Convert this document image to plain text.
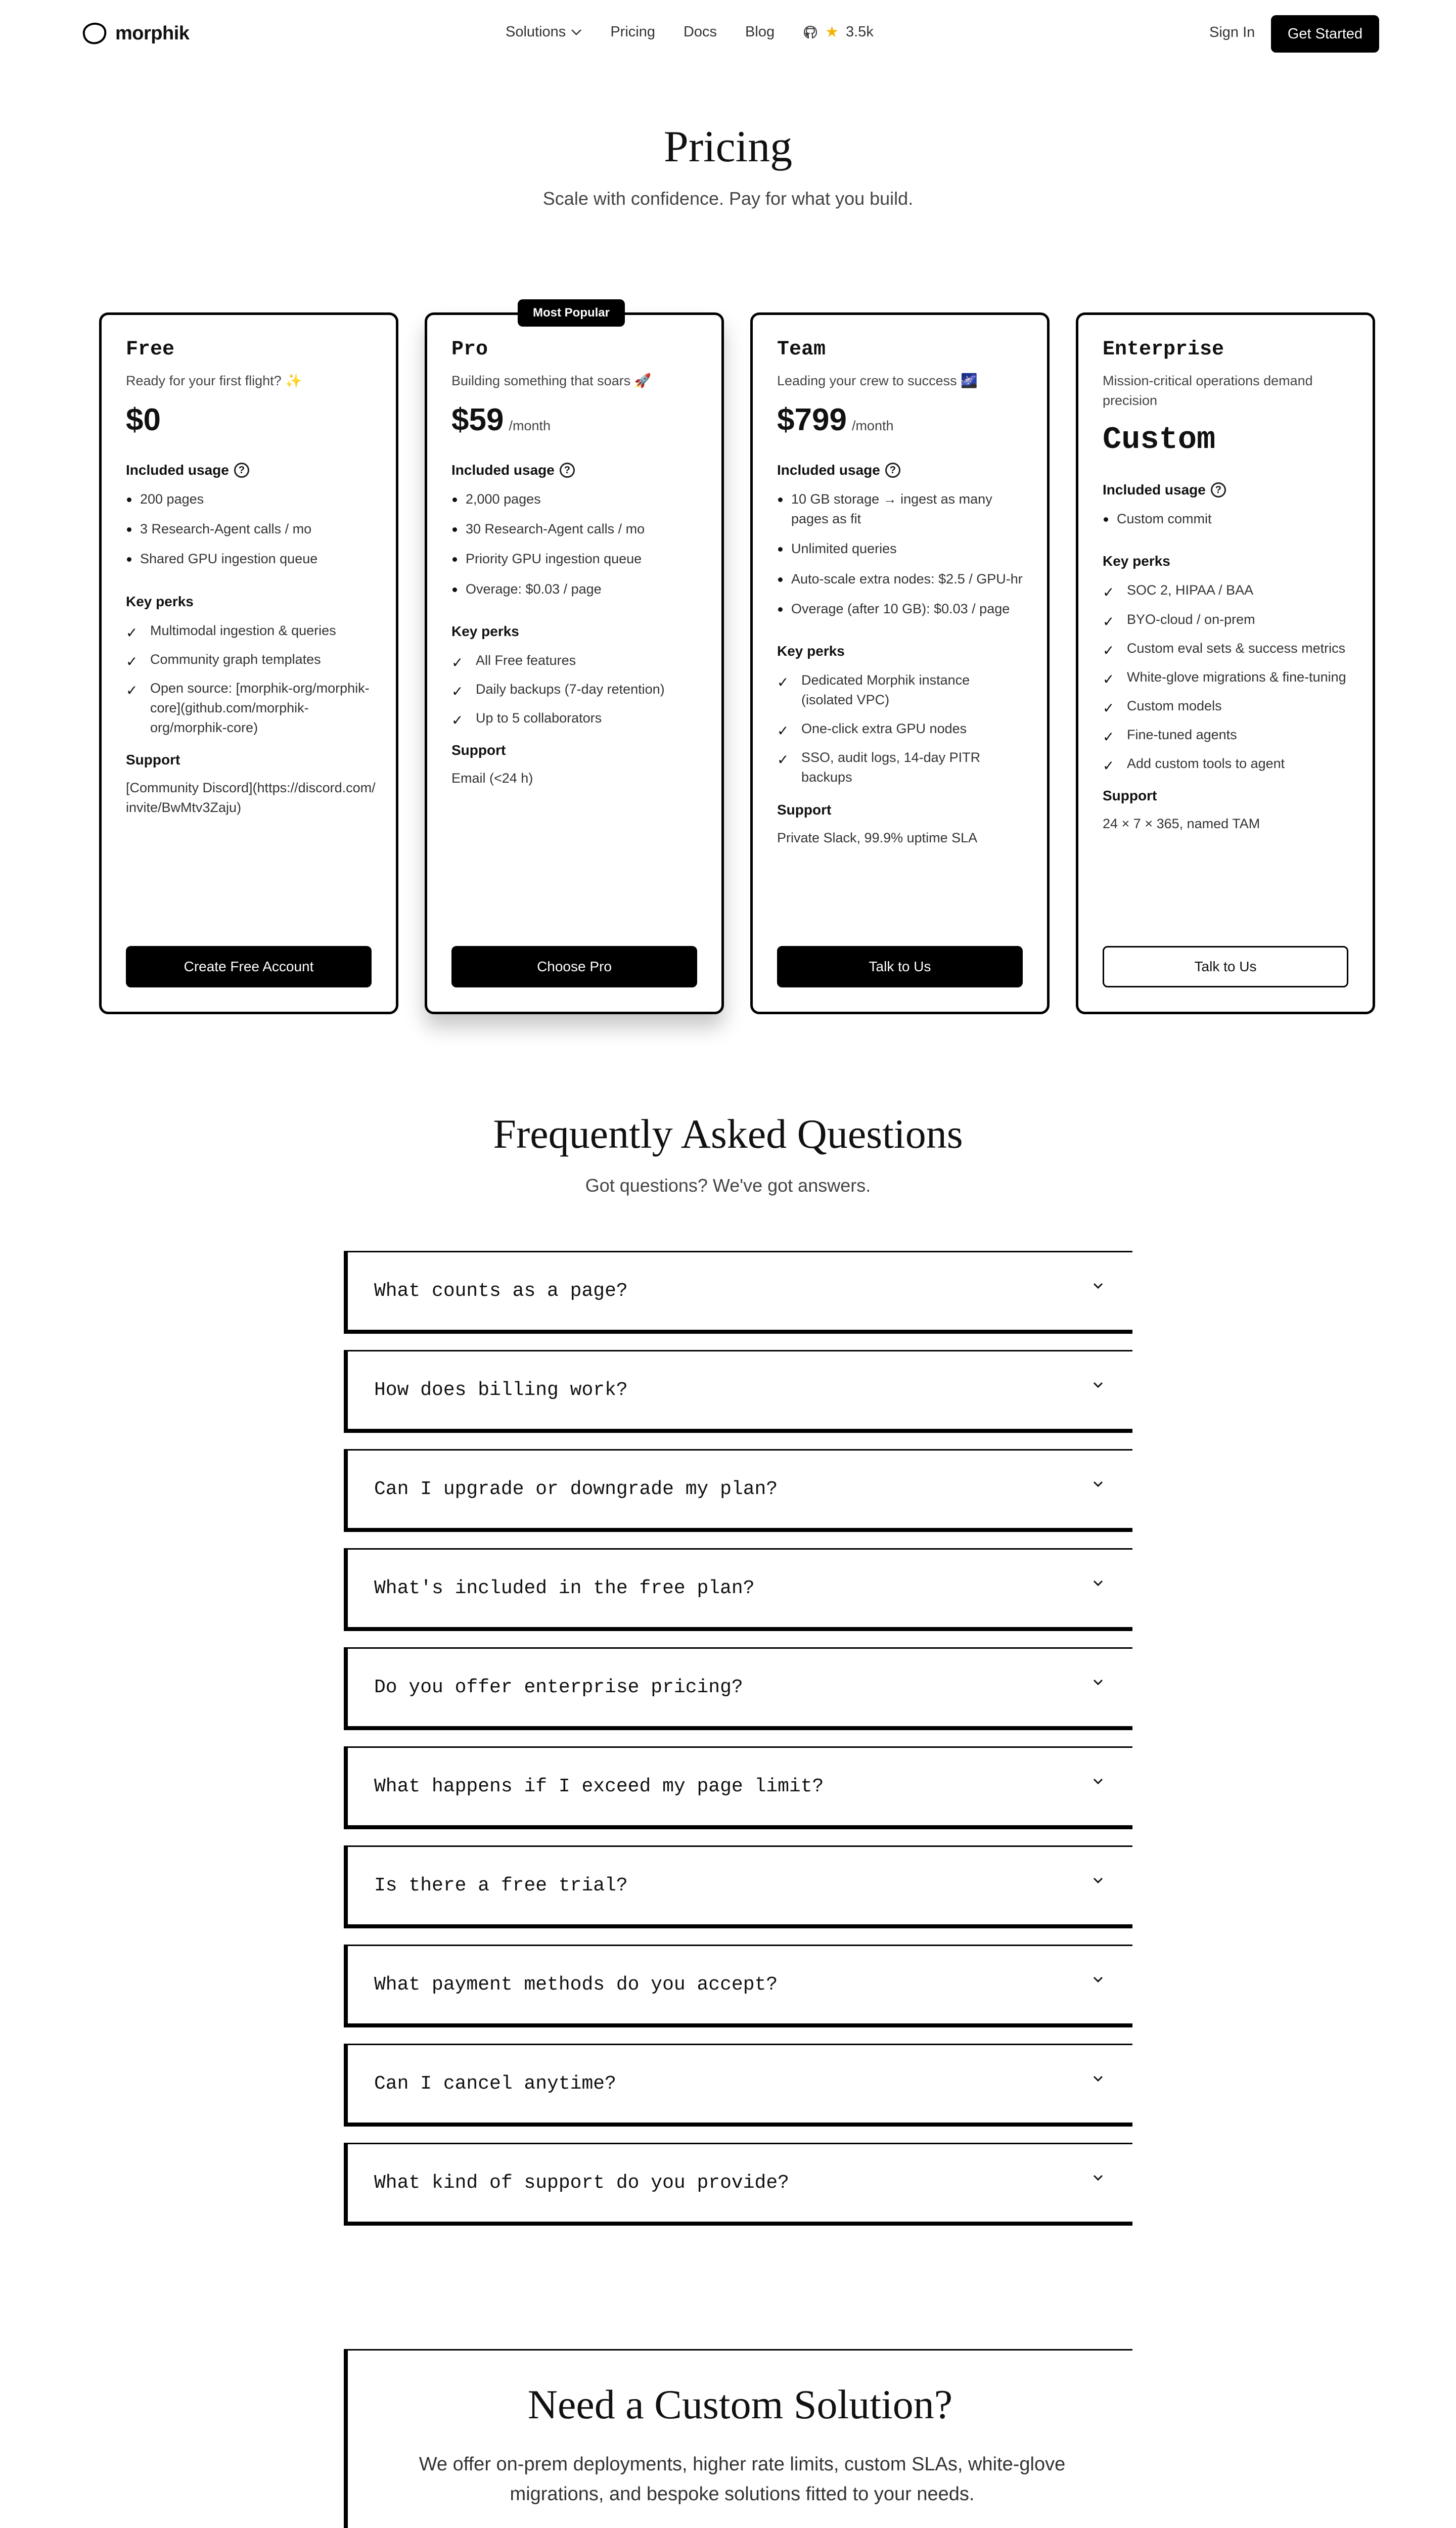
morphik	Solutions	Pricing Docs Blog	★ 3.5k	Sign In	Get Started
Pricing
Scale with confidence. Pay for what you build.
Most Popular
Free
Ready for your first flight? ✨
$0
Included usage ?
200 pages
3 Research-Agent calls / mo
Shared GPU ingestion queue
Key perks
✓ Multimodal ingestion & queries
✓ Community graph templates
✓ Open source: [morphik-org/morphik-core](github.com/morphik-org/morphik-core)
Support
[Community Discord](https://discord.com/invite/BwMtv3Zaju)
Create Free Account
Pro
Building something that soars 🚀
$59 /month
Included usage ?
2,000 pages
30 Research-Agent calls / mo
Priority GPU ingestion queue
Overage: $0.03 / page
Key perks
✓ All Free features
✓ Daily backups (7-day retention)
✓ Up to 5 collaborators
Support
Email (<24 h)
Choose Pro
Team
Leading your crew to success 🌌
$799 /month
Included usage ?
10 GB storage → ingest as many pages as fit
Unlimited queries
Auto-scale extra nodes: $2.5 / GPU-hr
Overage (after 10 GB): $0.03 / page
Key perks
✓ Dedicated Morphik instance (isolated VPC)
✓ One-click extra GPU nodes
✓ SSO, audit logs, 14-day PITR backups
Support
Private Slack, 99.9% uptime SLA
Talk to Us
Enterprise
Mission-critical operations demand precision
Custom
Included usage ?
Custom commit
Key perks
✓ SOC 2, HIPAA / BAA
✓ BYO-cloud / on-prem
✓ Custom eval sets & success metrics
✓ White-glove migrations & fine-tuning
✓ Custom models
✓ Fine-tuned agents
✓ Add custom tools to agent
Support
24 × 7 × 365, named TAM
Talk to Us
Frequently Asked Questions
Got questions? We've got answers.
What counts as a page?
How does billing work?
Can I upgrade or downgrade my plan?
What's included in the free plan?
Do you offer enterprise pricing?
What happens if I exceed my page limit?
Is there a free trial?
What payment methods do you accept?
Can I cancel anytime?
What kind of support do you provide?
Need a Custom Solution?
We offer on-prem deployments, higher rate limits, custom SLAs, white-glove migrations, and bespoke solutions fitted to your needs.
